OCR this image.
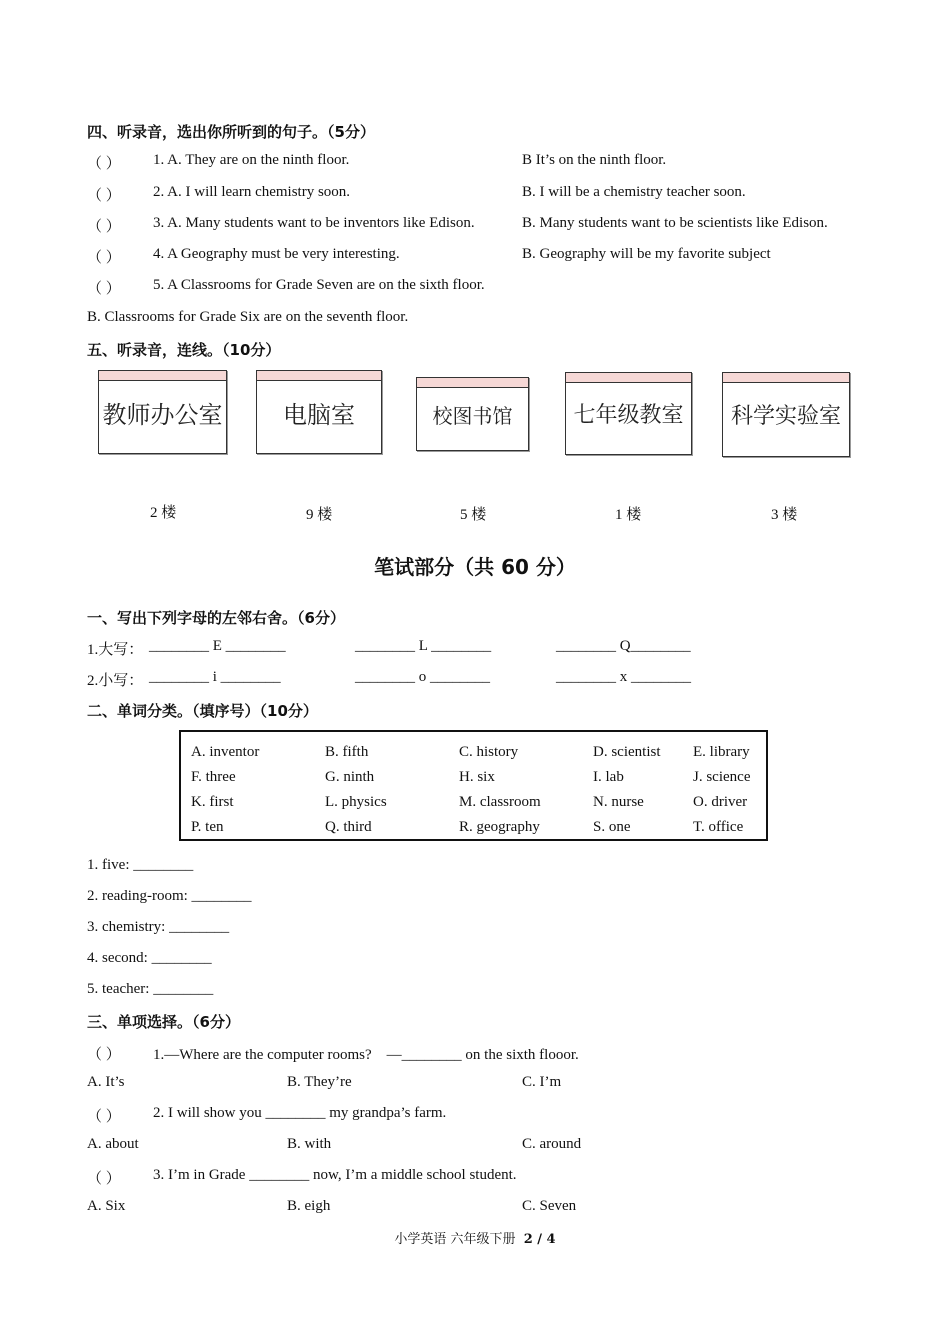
四、听录音，选出你所听到的句子。（5分）
（ ） 1. A. They are on the ninth floor.	B It’s on the ninth floor.
（ ） 2. A. I will learn chemistry soon.	B. I will be a chemistry teacher soon.
（ ） 3. A. Many students want to be inventors like Edison.	B. Many students want to be scientists like Edison.
（ ） 4. A Geography must be very interesting.	B. Geography will be my favorite subject
（ ） 5. A Classrooms for Grade Seven are on the sixth floor.
B. Classrooms for Grade Six are on the seventh floor.
五、听录音，连线。（10分）
教师办公室	电脑室	校图书馆	七年级教室	科学实验室
2 楼	9 楼	5 楼	1 楼	3 楼
笔试部分（共 60 分）
一、写出下列字母的左邻右舍。（6分）
1.大写： ________ E ________	________ L ________	________ Q________
2.小写： ________ i ________	________ o ________	________ x ________
二、单词分类。（填序号）（10分）
A. inventor	B. fifth	C. history	D. scientist E. library
F. three	G. ninth	H. six	I. lab	J. science
K. first	L. physics	M. classroom	N. nurse	O. driver
P. ten	Q. third	R. geography	S. one	T. office
1. five: ________
2. reading-room: ________
3. chemistry: ________
4. second: ________
5. teacher: ________
三、单项选择。（6分）
（ ） 1.—Where are the computer rooms?　—________ on the sixth flooor.
A. It’s	B. They’re	C. I’m
（ ） 2. I will show you ________ my grandpa’s farm.
A. about	B. with	C. around
（ ） 3. I’m in Grade ________ now, I’m a middle school student.
A. Six	B. eigh	C. Seven
小学英语 六年级下册 2 / 4
